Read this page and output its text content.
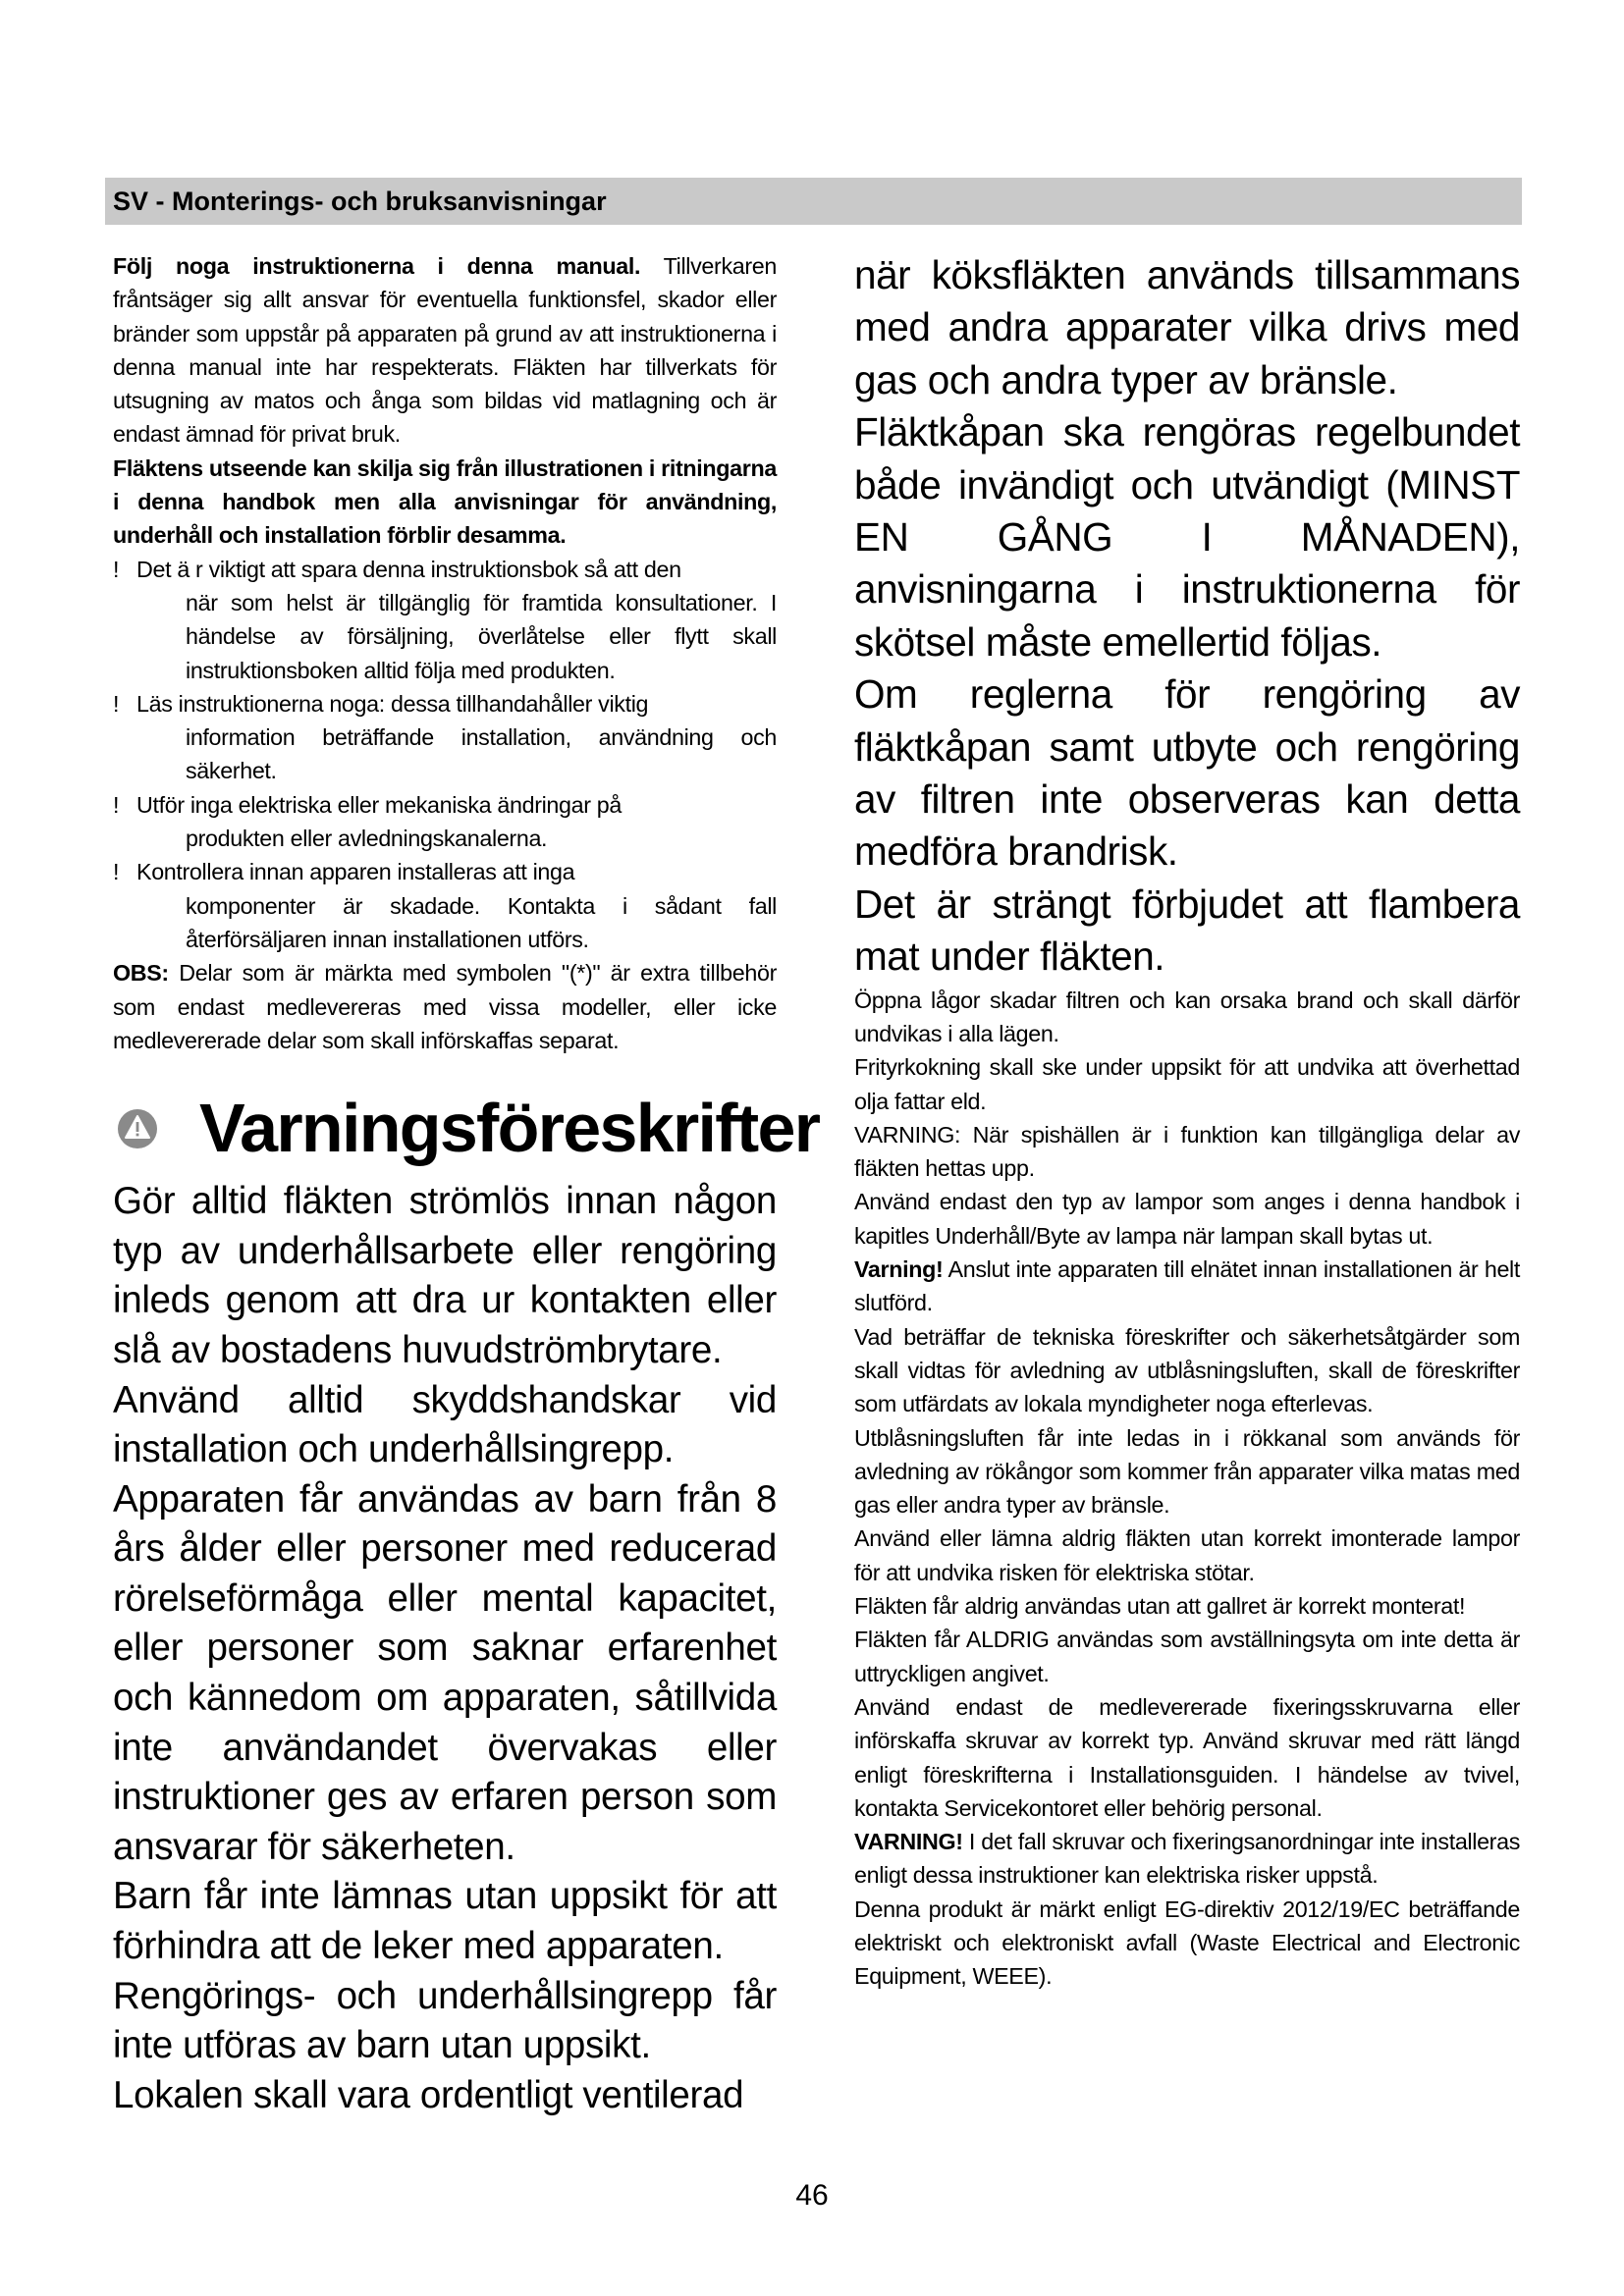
SV - Monterings- och bruksanvisningar

Följ noga instruktionerna i denna manual. Tillverkaren fråntsäger sig allt ansvar för eventuella funktionsfel, skador eller bränder som uppstår på apparaten på grund av att instruktionerna i denna manual inte har respekterats. Fläkten har tillverkats för utsugning av matos och ånga som bildas vid matlagning och är endast ämnad för privat bruk.

Fläktens utseende kan skilja sig från illustrationen i ritningarna i denna handbok men alla anvisningar för användning, underhåll och installation förblir desamma.

! Det ä r viktigt att spara denna instruktionsbok så att den
när som helst är tillgänglig för framtida konsultationer. I händelse av försäljning, överlåtelse eller flytt skall instruktionsboken alltid följa med produkten.
! Läs instruktionerna noga: dessa tillhandahåller viktig
information beträffande installation, användning och säkerhet.
! Utför inga elektriska eller mekaniska ändringar på
produkten eller avledningskanalerna.
! Kontrollera innan apparen installeras att inga
komponenter är skadade. Kontakta i sådant fall återförsäljaren innan installationen utförs.

OBS: Delar som är märkta med symbolen "(*)" är extra tillbehör som endast medlevereras med vissa modeller, eller icke medlevererade delar som skall införskaffas separat.

Varningsföreskrifter

Gör alltid fläkten strömlös innan någon typ av underhållsarbete eller rengöring inleds genom att dra ur kontakten eller slå av bostadens huvudströmbrytare.

Använd alltid skyddshandskar vid installation och underhållsingrepp.

Apparaten får användas av barn från 8 års ålder eller personer med reducerad rörelseförmåga eller mental kapacitet, eller personer som saknar erfarenhet och kännedom om apparaten, såtillvida inte användandet övervakas eller instruktioner ges av erfaren person som ansvarar för säkerheten.

Barn får inte lämnas utan uppsikt för att förhindra att de leker med apparaten.

Rengörings- och underhållsingrepp får inte utföras av barn utan uppsikt.

Lokalen skall vara ordentligt ventilerad

när köksfläkten används tillsammans med andra apparater vilka drivs med gas och andra typer av bränsle.

Fläktkåpan ska rengöras regelbundet både invändigt och utvändigt (MINST EN GÅNG I MÅNADEN), anvisningarna i instruktionerna för skötsel måste emellertid följas.

Om reglerna för rengöring av fläktkåpan samt utbyte och rengöring av filtren inte observeras kan detta medföra brandrisk.

Det är strängt förbjudet att flambera mat under fläkten.

Öppna lågor skadar filtren och kan orsaka brand och skall därför undvikas i alla lägen.

Frityrkokning skall ske under uppsikt för att undvika att överhettad olja fattar eld.

VARNING: När spishällen är i funktion kan tillgängliga delar av fläkten hettas upp.

Använd endast den typ av lampor som anges i denna handbok i kapitles Underhåll/Byte av lampa när lampan skall bytas ut.

Varning! Anslut inte apparaten till elnätet innan installationen är helt slutförd.

Vad beträffar de tekniska föreskrifter och säkerhetsåtgärder som skall vidtas för avledning av utblåsningsluften, skall de föreskrifter som utfärdats av lokala myndigheter noga efterlevas.

Utblåsningsluften får inte ledas in i rökkanal som används för avledning av rökångor som kommer från apparater vilka matas med gas eller andra typer av bränsle.

Använd eller lämna aldrig fläkten utan korrekt imonterade lampor för att undvika risken för elektriska stötar.

Fläkten får aldrig användas utan att gallret är korrekt monterat!

Fläkten får ALDRIG användas som avställningsyta om inte detta är uttryckligen angivet.

Använd endast de medlevererade fixeringsskruvarna eller införskaffa skruvar av korrekt typ. Använd skruvar med rätt längd enligt föreskrifterna i Installationsguiden. I händelse av tvivel, kontakta Servicekontoret eller behörig personal.

VARNING! I det fall skruvar och fixeringsanordningar inte installeras enligt dessa instruktioner kan elektriska risker uppstå.

Denna produkt är märkt enligt EG-direktiv 2012/19/EC beträffande elektriskt och elektroniskt avfall (Waste Electrical and Electronic Equipment, WEEE).

46
